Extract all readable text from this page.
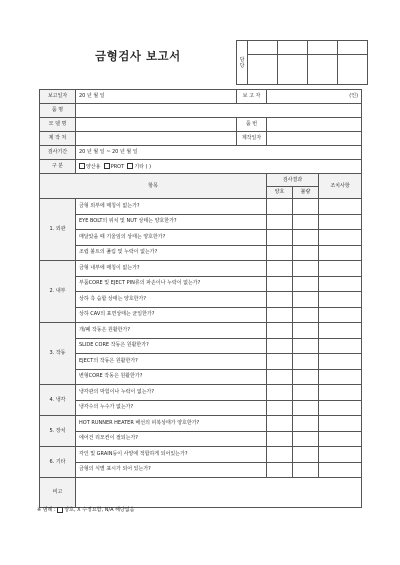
금형검사 보고서	담 당				

보고일자	20 년 월 일	보 고 자	(인)		
품 명					
모 델 명		품 번			
제 작 처		제작일자			
검사기간	20 년 월 일 ~ 20 년 월 일				
구 분	양산용 PROT 기타 ( )				
항목			검사결과		조치사항
			양호	불량	
1. 외관	금형 외부에 매칭이 없는가?				
	EYE BOLT의 위치 및 NUT 상태는 양호한가?				
	매달았을 때 기울임의 상태는 양호한가?				
	조립 볼트의 풀림 및 누락이 없는가?				
2. 내부	금형 내부에 매칭이 없는가?				
	부품CORE 및 EJECT PIN류의 파손이나 누락이 없는가?				
	상하 측 습합 상태는 양호한가?				
	상하 CAV의 표면상태는 균일한가?				
3. 작동	개/폐 작동은 원활한가?				
	SLIDE CORE 작동은 원활한가?				
	EJECT의 작동은 원활한가?				
	변형CORE 작동은 원활한가?				
4. 냉각	냉각관의 막힘이나 누락이 없는가?				
	냉각수의 누수가 없는가?				
5. 장치	HOT RUNNER HEATER 배선의 피복상태가 양호한가?				
	에어건 리모컨이 절되는가?				
6. 기타	각인 및 GRAIN등이 사양에 적합하게 되어있는가?				
	금형의 식별 표시가 되어 있는가?				
비고					
※ 범례 : 양호, X 수정요함, N/A 해당없음
